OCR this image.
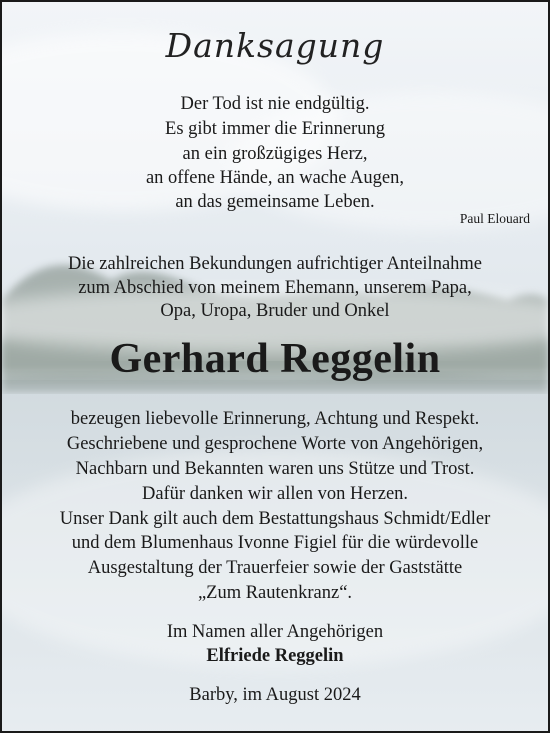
Danksagung
Der Tod ist nie endgültig.
Es gibt immer die Erinnerung
an ein großzügiges Herz,
an offene Hände, an wache Augen,
an das gemeinsame Leben.
Paul Elouard
Die zahlreichen Bekundungen aufrichtiger Anteilnahme
zum Abschied von meinem Ehemann, unserem Papa,
Opa, Uropa, Bruder und Onkel
Gerhard Reggelin
bezeugen liebevolle Erinnerung, Achtung und Respekt.
Geschriebene und gesprochene Worte von Angehörigen,
Nachbarn und Bekannten waren uns Stütze und Trost.
Dafür danken wir allen von Herzen.
Unser Dank gilt auch dem Bestattungshaus Schmidt/Edler
und dem Blumenhaus Ivonne Figiel für die würdevolle
Ausgestaltung der Trauerfeier sowie der Gaststätte
„Zum Rautenkranz“.
Im Namen aller Angehörigen
Elfriede Reggelin
Barby, im August 2024
